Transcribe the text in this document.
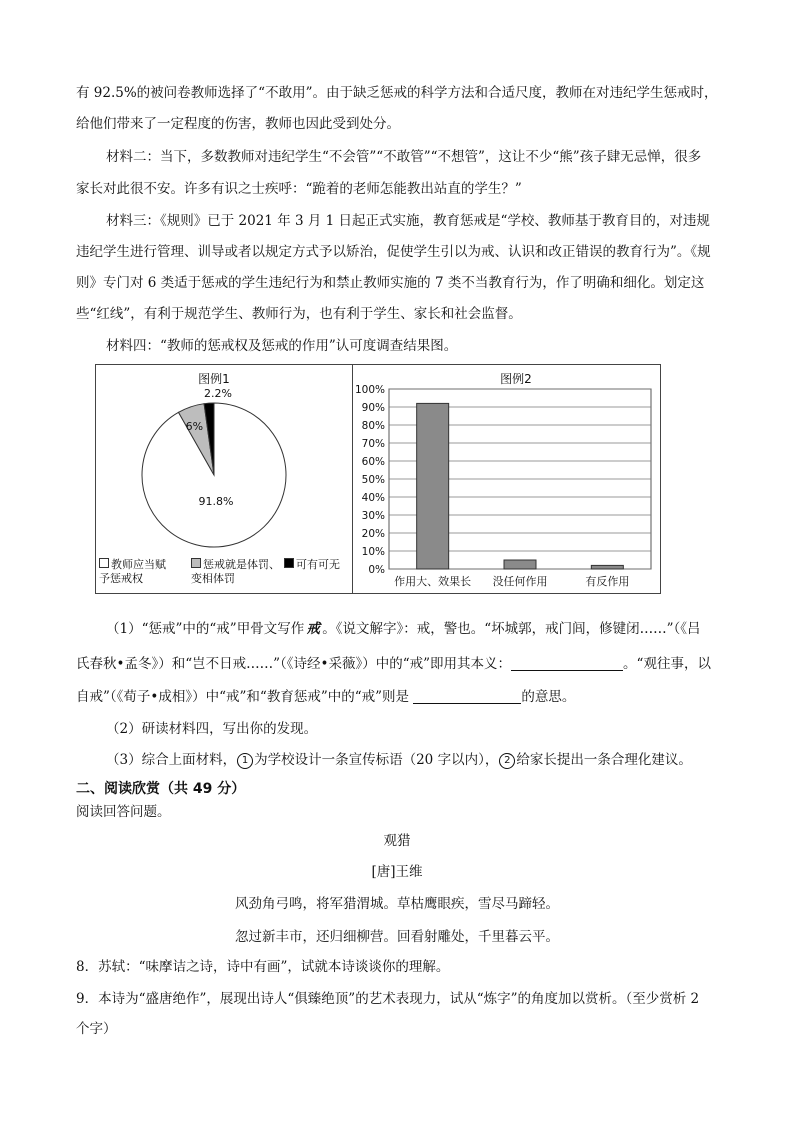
有 92.5%的被问卷教师选择了“不敢用”。由于缺乏惩戒的科学方法和合适尺度，教师在对违纪学生惩戒时，
给他们带来了一定程度的伤害，教师也因此受到处分。
材料二：当下，多数教师对违纪学生“不会管”“不敢管”“不想管”，这让不少“熊”孩子肆无忌惮，很多
家长对此很不安。许多有识之士疾呼：“跪着的老师怎能教出站直的学生？”
材料三：《规则》已于 2021 年 3 月 1 日起正式实施，教育惩戒是“学校、教师基于教育目的，对违规
违纪学生进行管理、训导或者以规定方式予以矫治，促使学生引以为戒、认识和改正错误的教育行为”。《规
则》专门对 6 类适于惩戒的学生违纪行为和禁止教师实施的 7 类不当教育行为，作了明确和细化。划定这
些“红线”，有利于规范学生、教师行为，也有利于学生、家长和社会监督。
材料四：“教师的惩戒权及惩戒的作用”认可度调查结果图。
图例1
91.8%
6%
2.2%
教师应当赋
予惩戒权
惩戒就是体罚、
变相体罚
可有可无
图例2
0%
10%
20%
30%
40%
50%
60%
70%
80%
90%
100%
作用大、效果长 没任何作用	有反作用
（1）“惩戒”中的“戒”甲骨文写作 戒 。《说文解字》：戒，警也。“坏城郭，戒门闾，修键闭……”（《吕
氏春秋•孟冬》）和“岂不日戒……”（《诗经•采薇》）中的“戒”即用其本义：	。“观往事，以
自戒”（《荀子•成相》）中“戒”和“教育惩戒”中的“戒”则是	的意思。
（2）研读材料四，写出你的发现。
（3）综合上面材料， 1 为学校设计一条宣传标语（20 字以内）， 2 给家长提出一条合理化建议。
二、阅读欣赏（共 49 分）
阅读回答问题。
观猎
[唐]王维
风劲角弓鸣，将军猎渭城。草枯鹰眼疾，雪尽马蹄轻。
忽过新丰市，还归细柳营。回看射雕处，千里暮云平。
8．苏轼：“味摩诘之诗，诗中有画”，试就本诗谈谈你的理解。
9．本诗为“盛唐绝作”，展现出诗人“俱臻绝顶”的艺术表现力，试从“炼字”的角度加以赏析。（至少赏析 2
个字）
